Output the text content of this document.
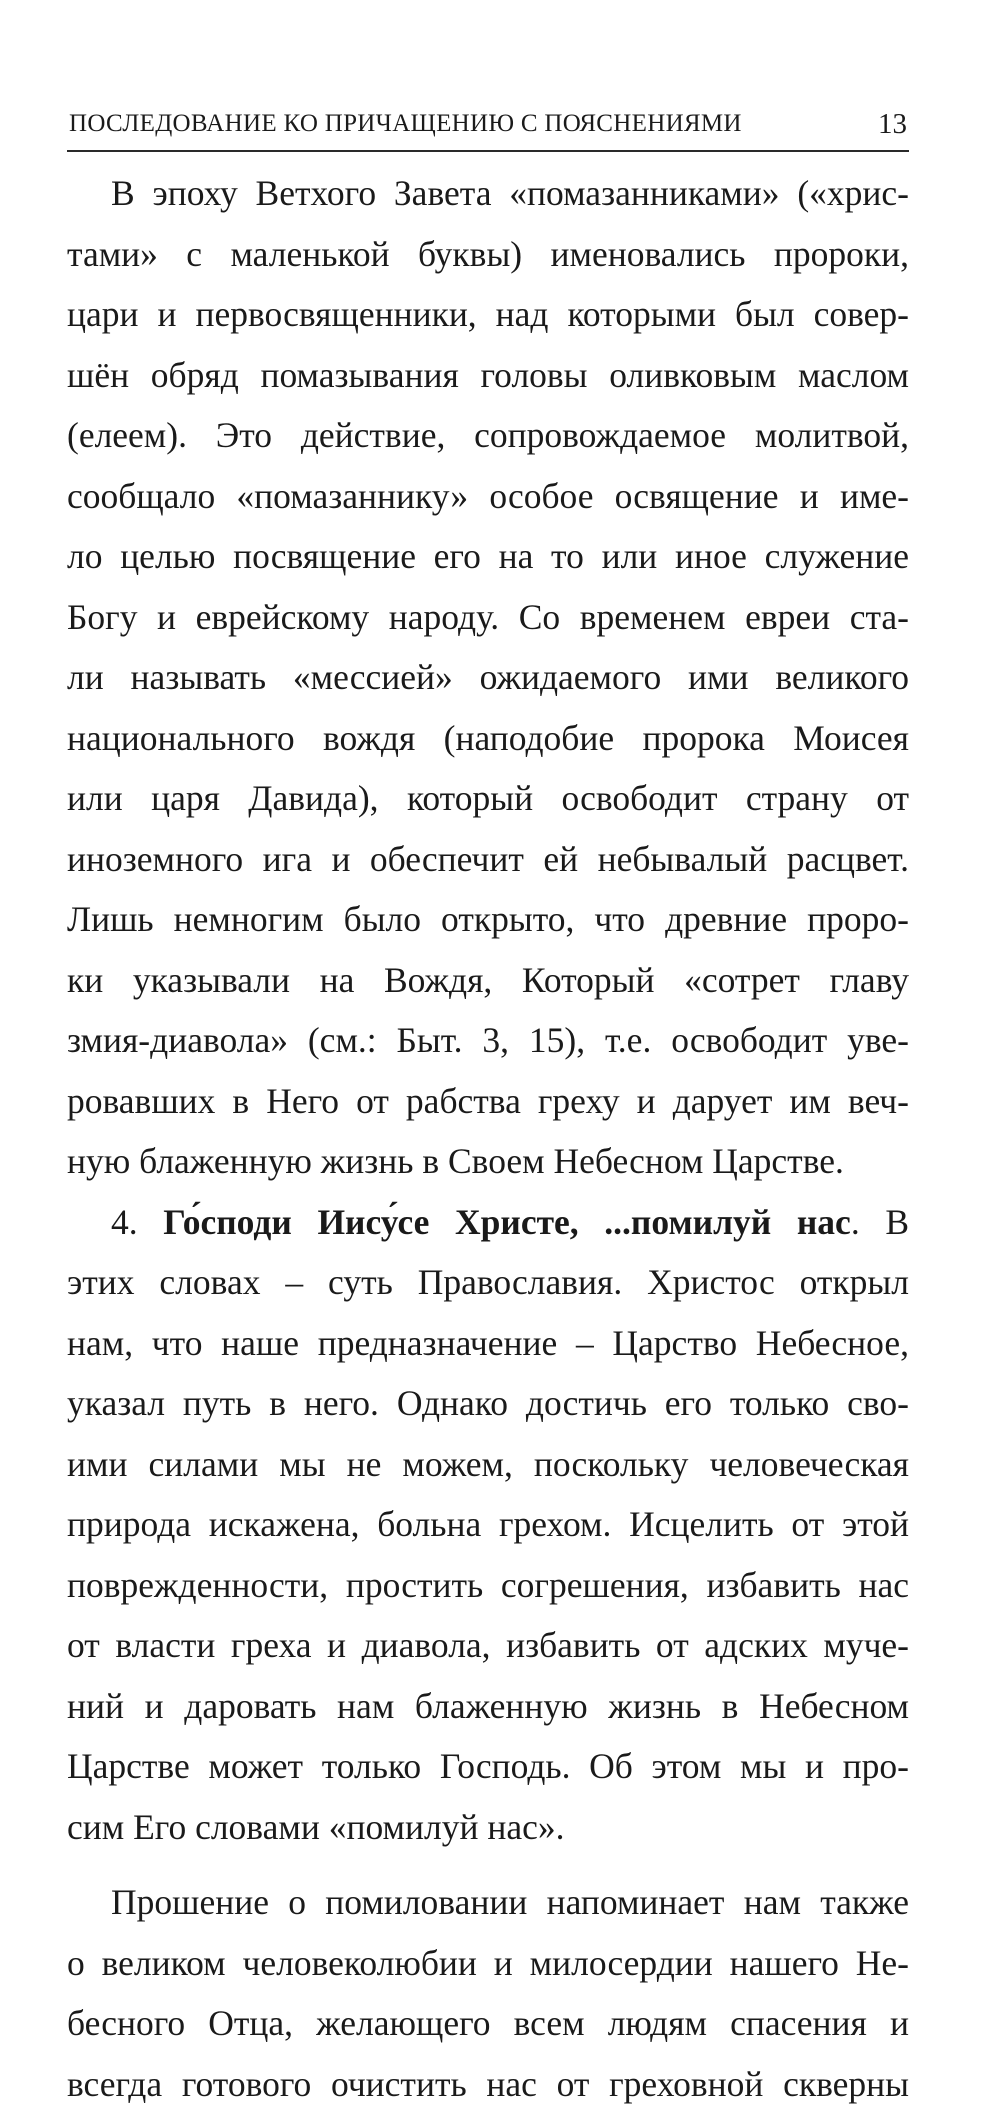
ПОСЛЕДОВАНИЕ КО ПРИЧАЩЕНИЮ С ПОЯСНЕНИЯМИ	13
В эпоху Ветхого Завета «помазанниками» («хрис-
тами» с маленькой буквы) именовались пророки,
цари и первосвященники, над которыми был совер-
шён обряд помазывания головы оливковым маслом
(елеем). Это действие, сопровождаемое молитвой,
сообщало «помазаннику» особое освящение и име-
ло целью посвящение его на то или иное служение
Богу и еврейскому народу. Со временем евреи ста-
ли называть «мессией» ожидаемого ими великого
национального вождя (наподобие пророка Моисея
или царя Давида), который освободит страну от
иноземного ига и обеспечит ей небывалый расцвет.
Лишь немногим было открыто, что древние проро-
ки указывали на Вождя, Который «сотрет главу
змия-диавола» (см.: Быт. 3, 15), т.е. освободит уве-
ровавших в Него от рабства греху и дарует им веч-
ную блаженную жизнь в Своем Небесном Царстве.
4. Го́споди Иису́се Христе, ...помилуй нас. В
этих словах – суть Православия. Христос открыл
нам, что наше предназначение – Царство Небесное,
указал путь в него. Однако достичь его только сво-
ими силами мы не можем, поскольку человеческая
природа искажена, больна грехом. Исцелить от этой
поврежденности, простить согрешения, избавить нас
от власти греха и диавола, избавить от адских муче-
ний и даровать нам блаженную жизнь в Небесном
Царстве может только Господь. Об этом мы и про-
сим Его словами «помилуй нас».
Прошение о помиловании напоминает нам также
о великом человеколюбии и милосердии нашего Не-
бесного Отца, желающего всем людям спасения и
всегда готового очистить нас от греховной скверны
